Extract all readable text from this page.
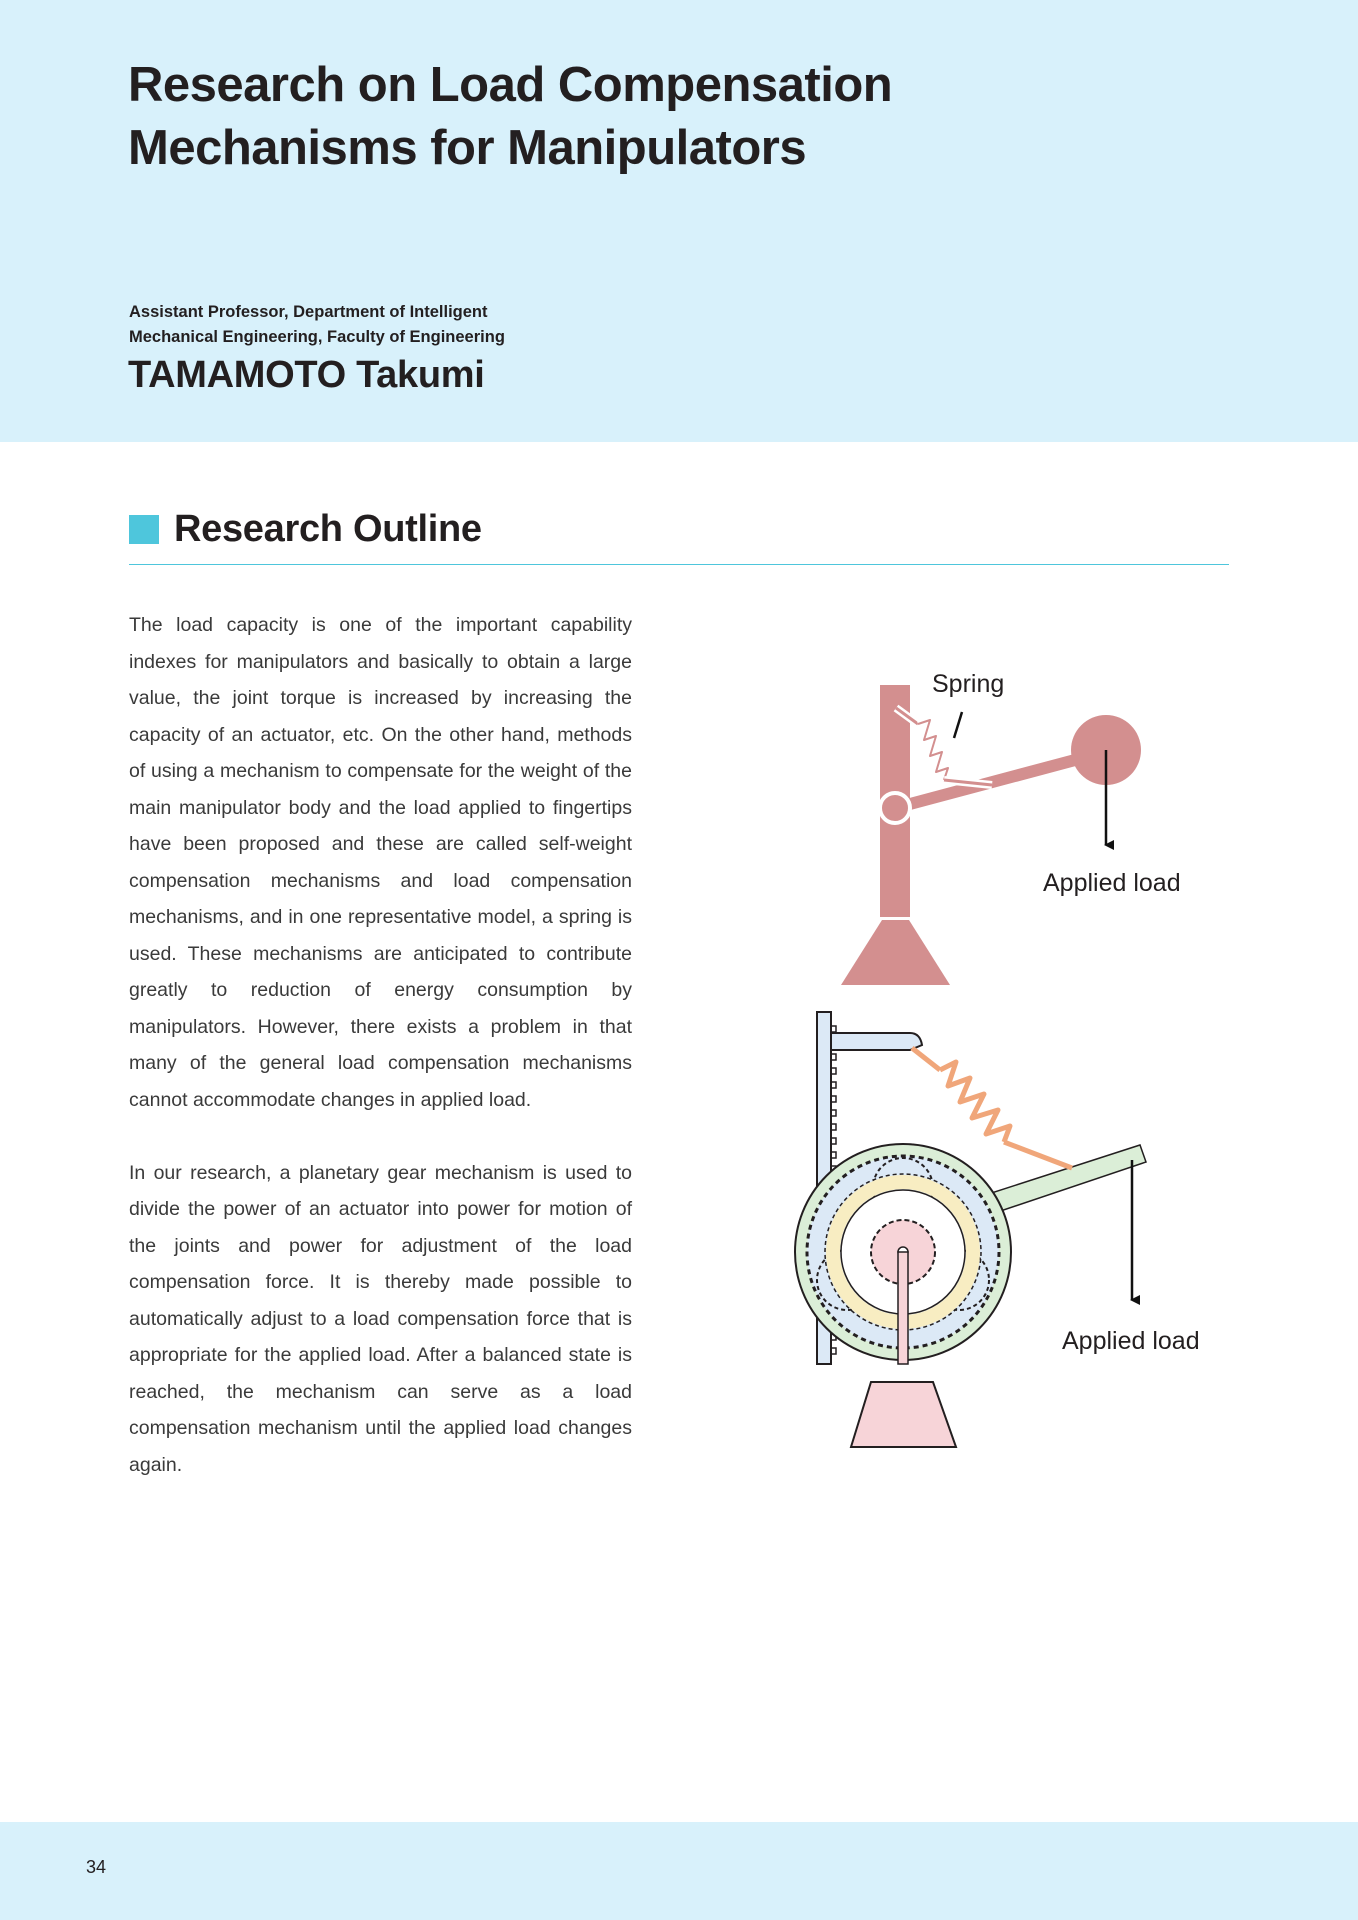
Research on Load Compensation
Mechanisms for Manipulators
Assistant Professor, Department of Intelligent
Mechanical Engineering, Faculty of Engineering
TAMAMOTO Takumi
Research Outline

The load capacity is one of the important capability indexes for manipulators and basically to obtain a large value, the joint torque is increased by increasing the capacity of an actuator, etc. On the other hand, methods of using a mechanism to compensate for the weight of the main manipulator body and the load applied to fingertips have been proposed and these are called self-weight compensation mechanisms and load compensation mechanisms, and in one representative model, a spring is used. These mechanisms are anticipated to contribute greatly to reduction of energy consumption by manipulators. However, there exists a problem in that many of the general load compensation mechanisms cannot accommodate changes in applied load.

In our research, a planetary gear mechanism is used to divide the power of an actuator into power for motion of the joints and power for adjustment of the load compensation force. It is thereby made possible to automatically adjust to a load compensation force that is appropriate for the applied load. After a balanced state is reached, the mechanism can serve as a load compensation mechanism until the applied load changes again.

Spring
Applied load
Applied load
34
